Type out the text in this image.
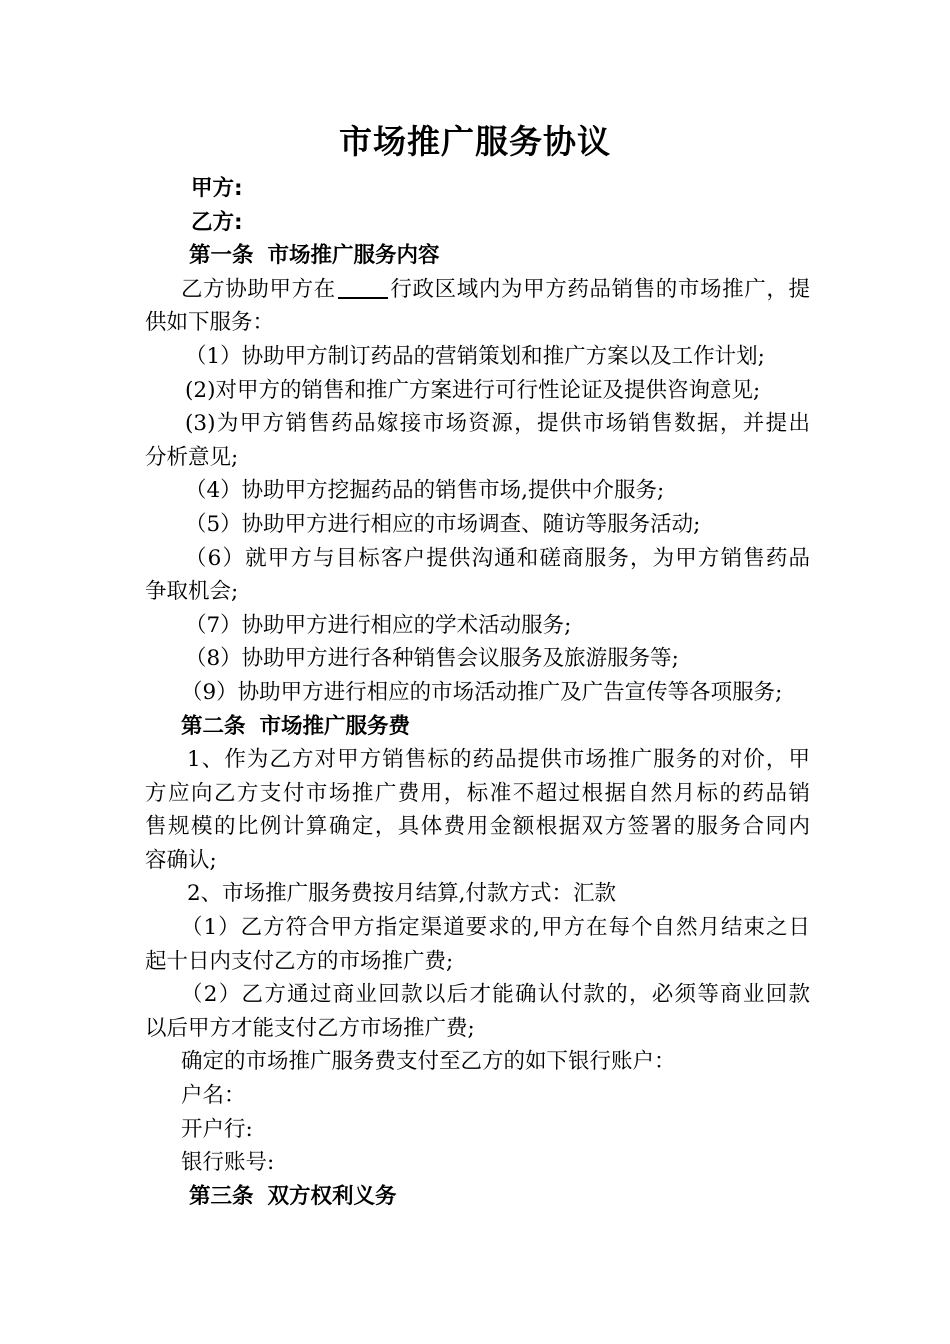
市场推广服务协议
甲方:
乙方:
第一条 市场推广服务内容
乙方协助甲方在	行政区域内为甲方药品销售的市场推广，提
供如下服务：
（1）协助甲方制订药品的营销策划和推广方案以及工作计划;
(2)对甲方的销售和推广方案进行可行性论证及提供咨询意见;
(3)为甲方销售药品嫁接市场资源，提供市场销售数据，并提出
分析意见;
（4）协助甲方挖掘药品的销售市场,提供中介服务;
（5）协助甲方进行相应的市场调查、随访等服务活动;
（6）就甲方与目标客户提供沟通和磋商服务，为甲方销售药品
争取机会;
（7）协助甲方进行相应的学术活动服务;
（8）协助甲方进行各种销售会议服务及旅游服务等;
（9）协助甲方进行相应的市场活动推广及广告宣传等各项服务;
第二条 市场推广服务费
1、作为乙方对甲方销售标的药品提供市场推广服务的对价，甲
方应向乙方支付市场推广费用，标准不超过根据自然月标的药品销
售规模的比例计算确定，具体费用金额根据双方签署的服务合同内
容确认;
2、市场推广服务费按月结算,付款方式：汇款
（1）乙方符合甲方指定渠道要求的,甲方在每个自然月结束之日
起十日内支付乙方的市场推广费;
（2）乙方通过商业回款以后才能确认付款的，必须等商业回款
以后甲方才能支付乙方市场推广费;
确定的市场推广服务费支付至乙方的如下银行账户：
户名：
开户行:
银行账号:
第三条 双方权利义务
